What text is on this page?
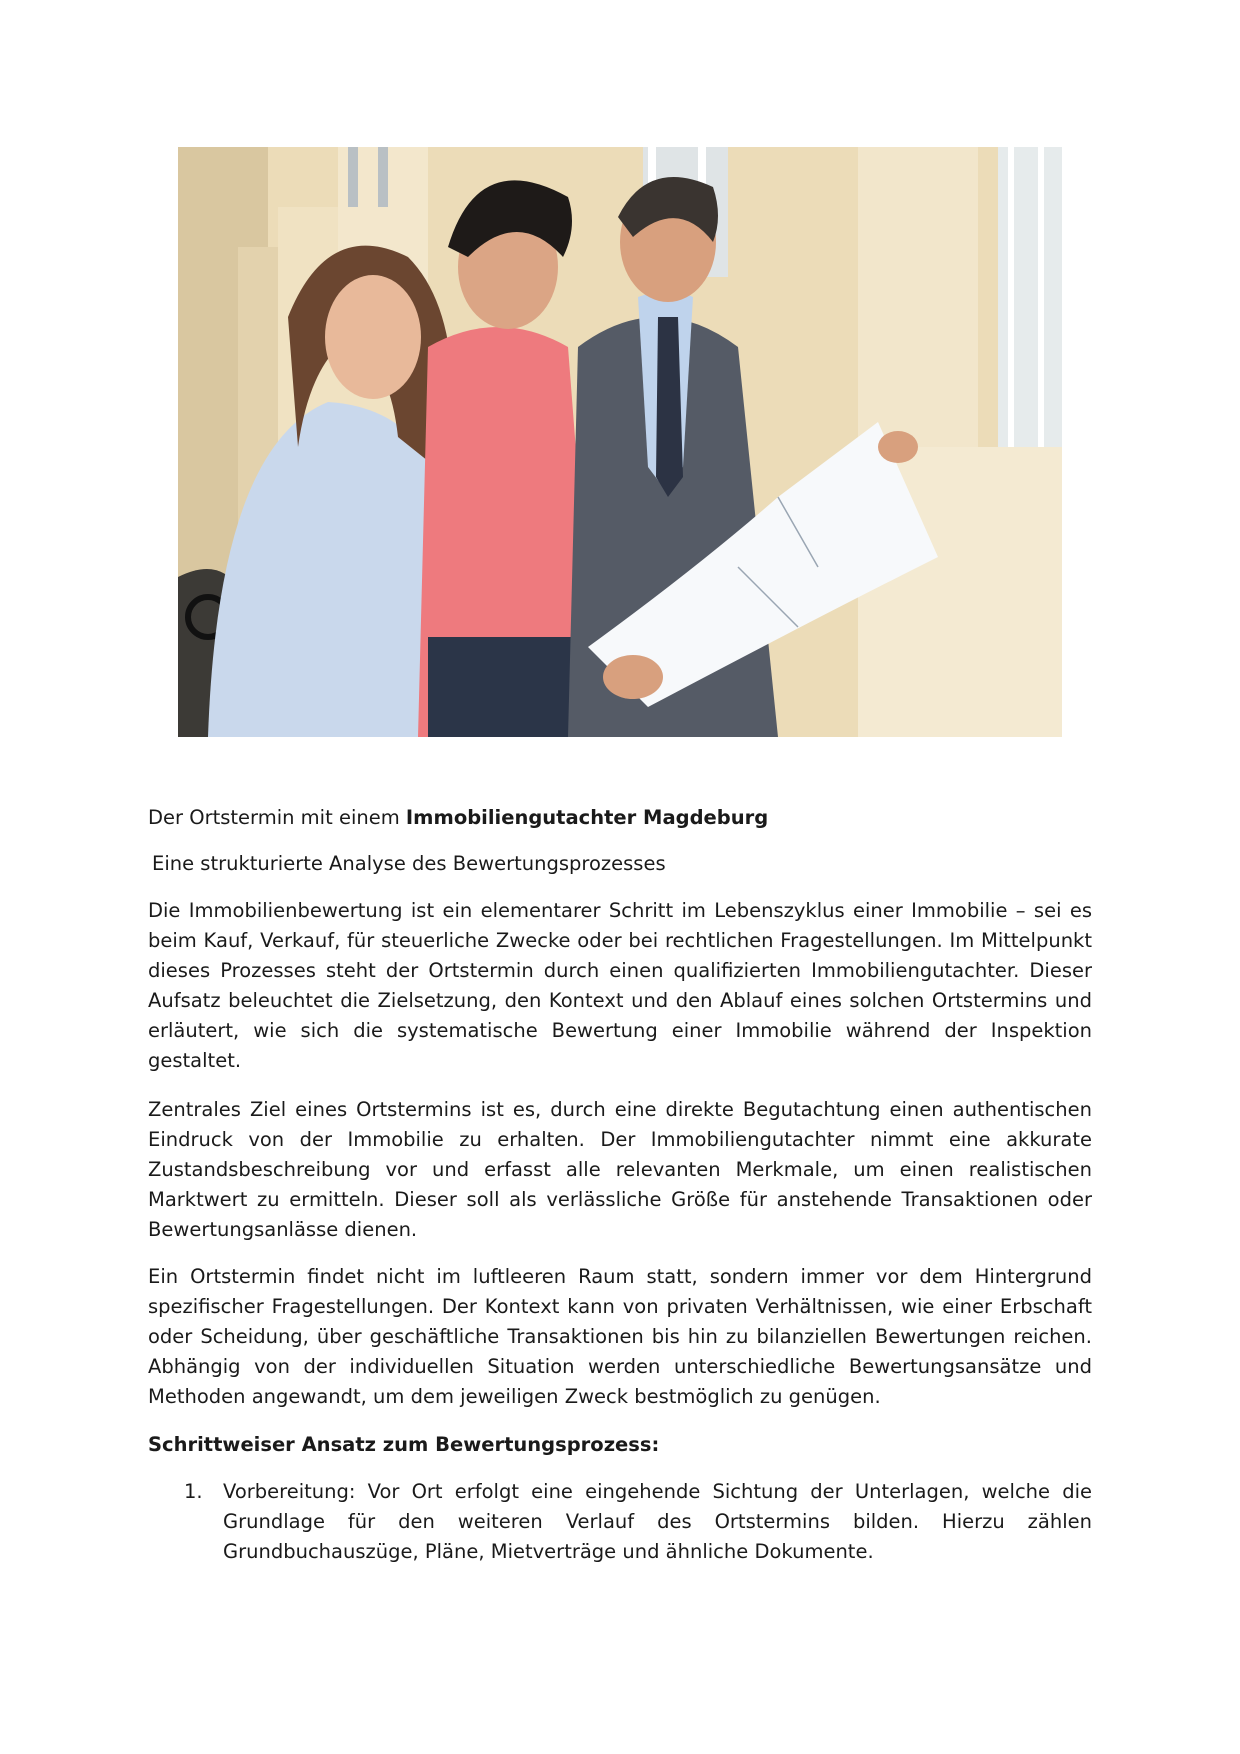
Der Ortstermin mit einem Immobiliengutachter Magdeburg
Eine strukturierte Analyse des Bewertungsprozesses

Die Immobilienbewertung ist ein elementarer Schritt im Lebenszyklus einer Immobilie – sei es beim Kauf, Verkauf, für steuerliche Zwecke oder bei rechtlichen Fragestellungen. Im Mittelpunkt dieses Prozesses steht der Ortstermin durch einen qualifizierten Immobiliengutachter. Dieser Aufsatz beleuchtet die Zielsetzung, den Kontext und den Ablauf eines solchen Ortstermins und erläutert, wie sich die systematische Bewertung einer Immobilie während der Inspektion gestaltet.

Zentrales Ziel eines Ortstermins ist es, durch eine direkte Begutachtung einen authentischen Eindruck von der Immobilie zu erhalten. Der Immobiliengutachter nimmt eine akkurate Zustandsbeschreibung vor und erfasst alle relevanten Merkmale, um einen realistischen Marktwert zu ermitteln. Dieser soll als verlässliche Größe für anstehende Transaktionen oder Bewertungsanlässe dienen.

Ein Ortstermin findet nicht im luftleeren Raum statt, sondern immer vor dem Hintergrund spezifischer Fragestellungen. Der Kontext kann von privaten Verhältnissen, wie einer Erbschaft oder Scheidung, über geschäftliche Transaktionen bis hin zu bilanziellen Bewertungen reichen. Abhängig von der individuellen Situation werden unterschiedliche Bewertungsansätze und Methoden angewandt, um dem jeweiligen Zweck bestmöglich zu genügen.

Schrittweiser Ansatz zum Bewertungsprozess:
1. Vorbereitung: Vor Ort erfolgt eine eingehende Sichtung der Unterlagen, welche die Grundlage für den weiteren Verlauf des Ortstermins bilden. Hierzu zählen Grundbuchauszüge, Pläne, Mietverträge und ähnliche Dokumente.
